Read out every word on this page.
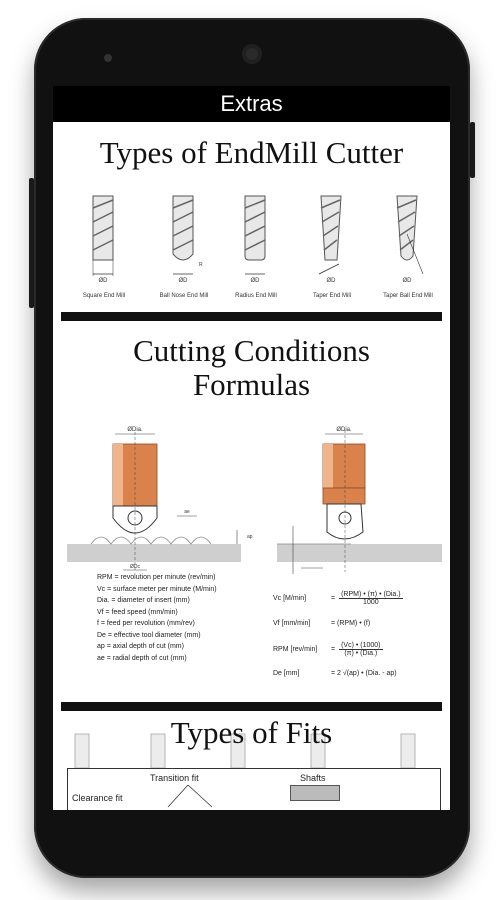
Extras
Types of EndMill Cutter
ØD
Square End Mill
R
ØD
Ball Nose End Mill
ØD
Radius End Mill
ØD
Taper End Mill
ØD
Taper Ball End Mill
Cutting Conditions
Formulas
ØDia.
ae
ap
ØDc
ØDia.
RPM = revolution per minute (rev/min)
Vc = surface meter per minute (M/min)
Dia. = diameter of insert (mm)
Vf = feed speed (mm/min)
f = feed per revolution (mm/rev)
De = effective tool diameter (mm)
ap = axial depth of cut (mm)
ae = radial depth of cut (mm)
Vc [M/min]	=
(RPM) • (π) • (Dia.)
1000
Vf [mm/min]	= (RPM) • (f)
RPM [rev/min]	=
(Vc) • (1000)
(π) • (Dia.)
De [mm]	= 2 √(ap) • (Dia. - ap)
Types of Fits
Transition fit	Shafts
Clearance fit
